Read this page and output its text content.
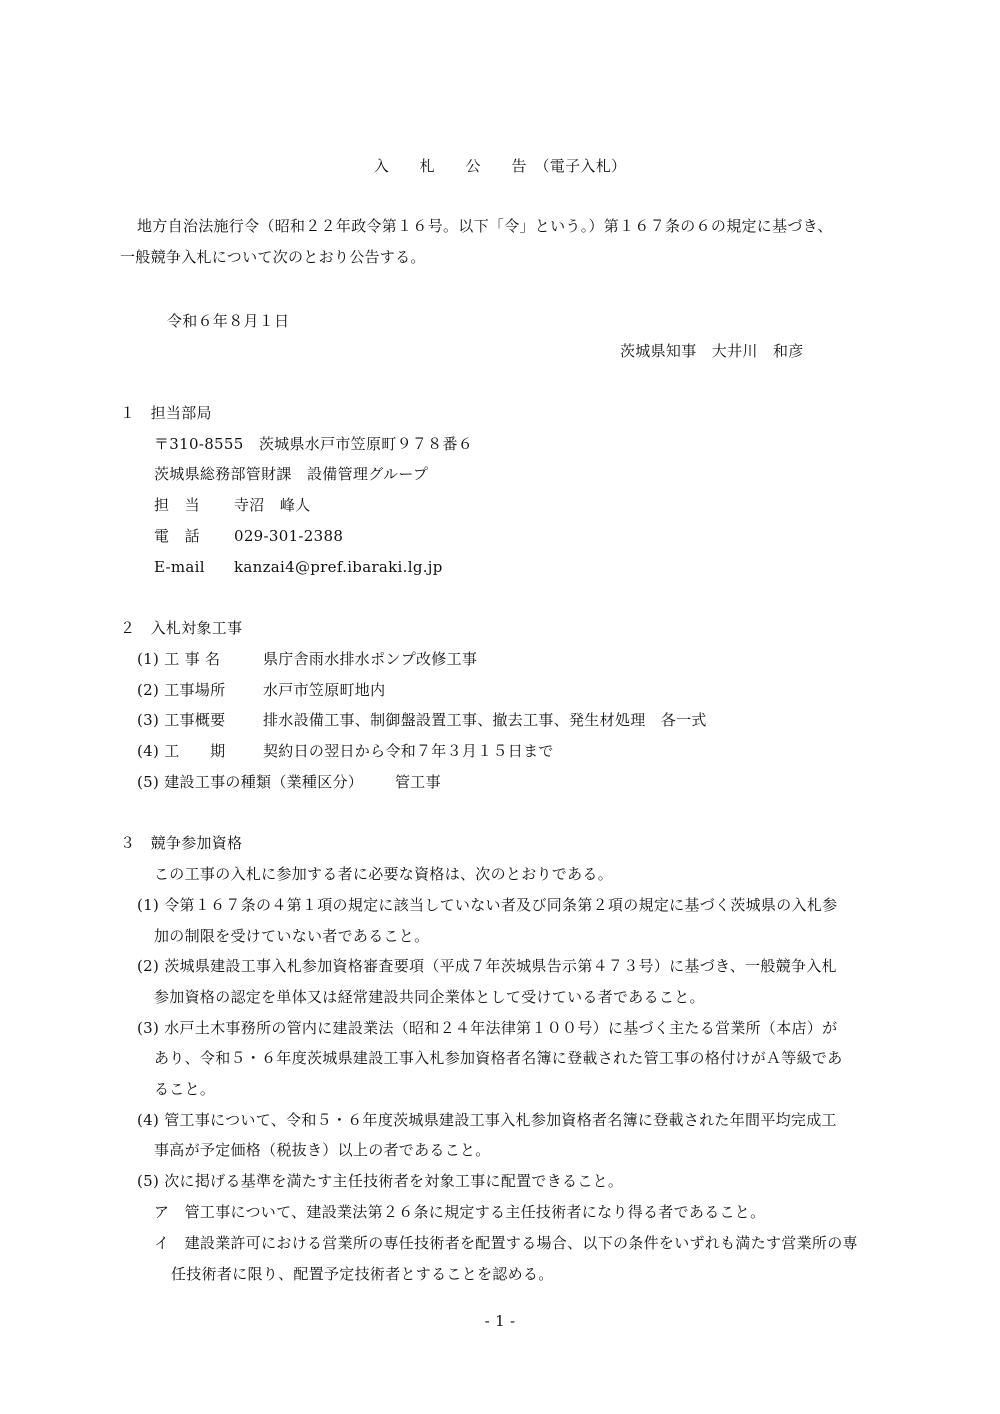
入　　札　　公　　告　（電子入札）
地方自治法施行令（昭和２２年政令第１６号。以下「令」という。）第１６７条の６の規定に基づき、
一般競争入札について次のとおり公告する。
令和６年８月１日
茨城県知事　大井川　和彦
１　担当部局
〒310-8555　茨城県水戸市笠原町９７８番６
茨城県総務部管財課　設備管理グループ
担　当 寺沼　峰人
電　話 029-301-2388
E-mail kanzai4@pref.ibaraki.lg.jp
２　入札対象工事
(1) 工 事 名	県庁舎雨水排水ポンプ改修工事
(2) 工事場所	水戸市笠原町地内
(3) 工事概要	排水設備工事、制御盤設置工事、撤去工事、発生材処理　各一式
(4) 工　　期	契約日の翌日から令和７年３月１５日まで
(5) 建設工事の種類（業種区分） 管工事
３　競争参加資格
この工事の入札に参加する者に必要な資格は、次のとおりである。
(1) 令第１６７条の４第１項の規定に該当していない者及び同条第２項の規定に基づく茨城県の入札参
加の制限を受けていない者であること。
(2) 茨城県建設工事入札参加資格審査要項（平成７年茨城県告示第４７３号）に基づき、一般競争入札
参加資格の認定を単体又は経常建設共同企業体として受けている者であること。
(3) 水戸土木事務所の管内に建設業法（昭和２４年法律第１００号）に基づく主たる営業所（本店）が
あり、令和５・６年度茨城県建設工事入札参加資格者名簿に登載された管工事の格付けがＡ等級であ
ること。
(4) 管工事について、令和５・６年度茨城県建設工事入札参加資格者名簿に登載された年間平均完成工
事高が予定価格（税抜き）以上の者であること。
(5) 次に掲げる基準を満たす主任技術者を対象工事に配置できること。
ア　管工事について、建設業法第２６条に規定する主任技術者になり得る者であること。
イ　建設業許可における営業所の専任技術者を配置する場合、以下の条件をいずれも満たす営業所の専
任技術者に限り、配置予定技術者とすることを認める。
- 1 -
